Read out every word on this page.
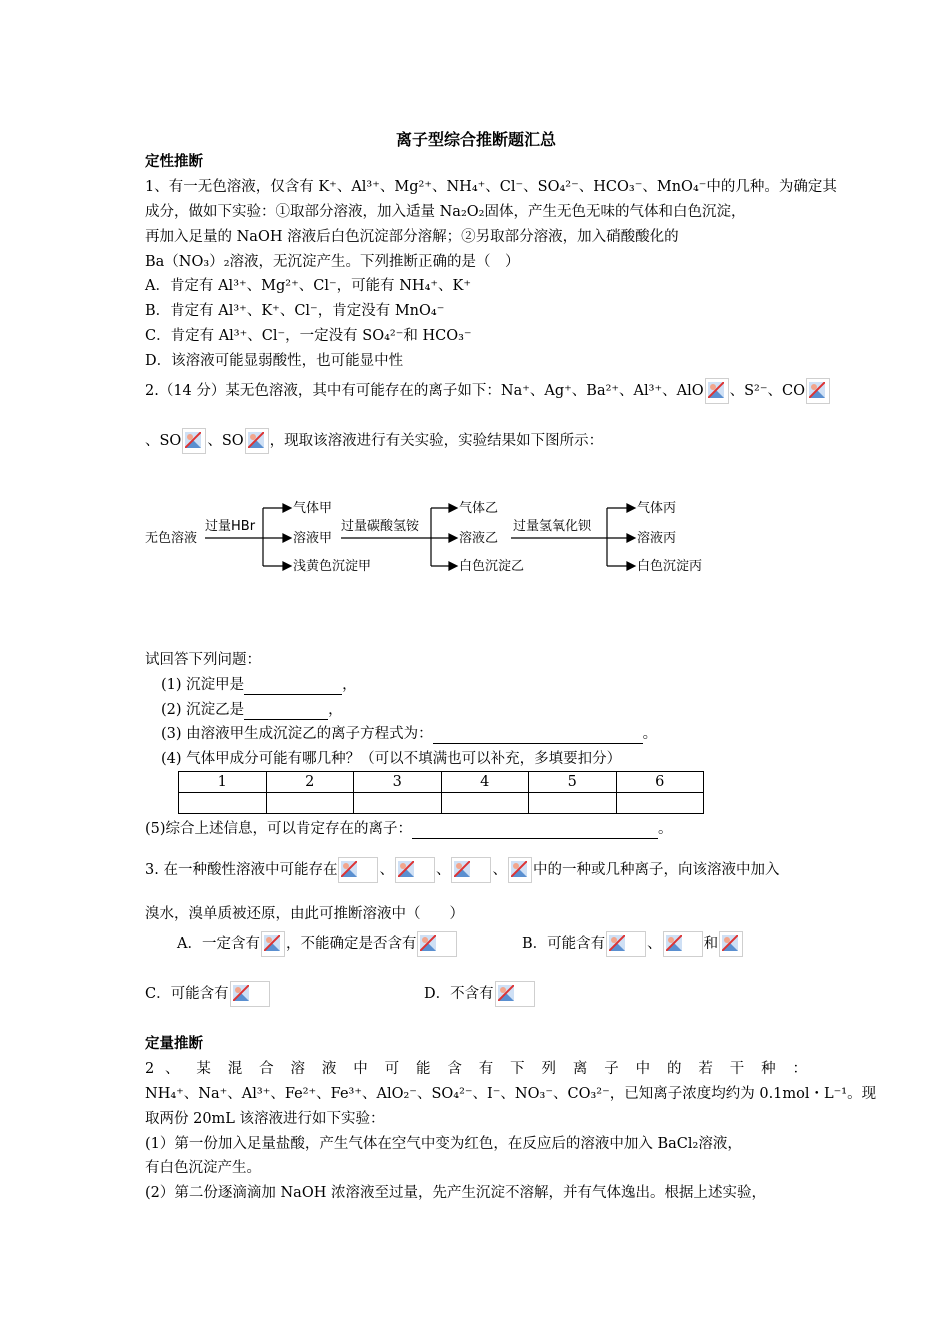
离子型综合推断题汇总
定性推断
1、有一无色溶液，仅含有 K⁺、Al³⁺、Mg²⁺、NH₄⁺、Cl⁻、SO₄²⁻、HCO₃⁻、MnO₄⁻中的几种。为确定其
成分，做如下实验：①取部分溶液，加入适量 Na₂O₂固体，产生无色无味的气体和白色沉淀，
再加入足量的 NaOH 溶液后白色沉淀部分溶解；②另取部分溶液，加入硝酸酸化的
Ba（NO₃）₂溶液，无沉淀产生。下列推断正确的是（　）
A．肯定有 Al³⁺、Mg²⁺、Cl⁻，可能有 NH₄⁺、K⁺
B．肯定有 Al³⁺、K⁺、Cl⁻，肯定没有 MnO₄⁻
C．肯定有 Al³⁺、Cl⁻，一定没有 SO₄²⁻和 HCO₃⁻
D．该溶液可能显弱酸性，也可能显中性
2.（14 分）某无色溶液，其中有可能存在的离子如下：Na⁺、Ag⁺、Ba²⁺、Al³⁺、AlO 、S²⁻、CO
、SO 、SO ，现取该溶液进行有关实验，实验结果如下图所示：
无色溶液
过量HBr
气体甲
溶液甲
浅黄色沉淀甲
过量碳酸氢铵
气体乙
溶液乙
白色沉淀乙
过量氢氧化钡
气体丙
溶液丙
白色沉淀丙
试回答下列问题：
(1) 沉淀甲是	，
(2) 沉淀乙是	，
(3) 由溶液甲生成沉淀乙的离子方程式为：	。
(4) 气体甲成分可能有哪几种？（可以不填满也可以补充，多填要扣分）
1	2	3	4	5	6

(5)综合上述信息，可以肯定存在的离子：	。
3. 在一种酸性溶液中可能存在	、	、	、 中的一种或几种离子，向该溶液中加入
溴水，溴单质被还原，由此可推断溶液中（　　）
A．一定含有 ，不能确定是否含有	B．可能含有	、	和
C．可能含有	D．不含有
定量推断
2 、 某 混 合 溶 液 中 可 能 含 有 下 列 离 子 中 的 若 干 种 ：
NH₄⁺、Na⁺、Al³⁺、Fe²⁺、Fe³⁺、AlO₂⁻、SO₄²⁻、I⁻、NO₃⁻、CO₃²⁻，已知离子浓度均约为 0.1mol・L⁻¹。现
取两份 20mL 该溶液进行如下实验：
(1）第一份加入足量盐酸，产生气体在空气中变为红色，在反应后的溶液中加入 BaCl₂溶液，
有白色沉淀产生。
(2）第二份逐滴滴加 NaOH 浓溶液至过量，先产生沉淀不溶解，并有气体逸出。根据上述实验，
